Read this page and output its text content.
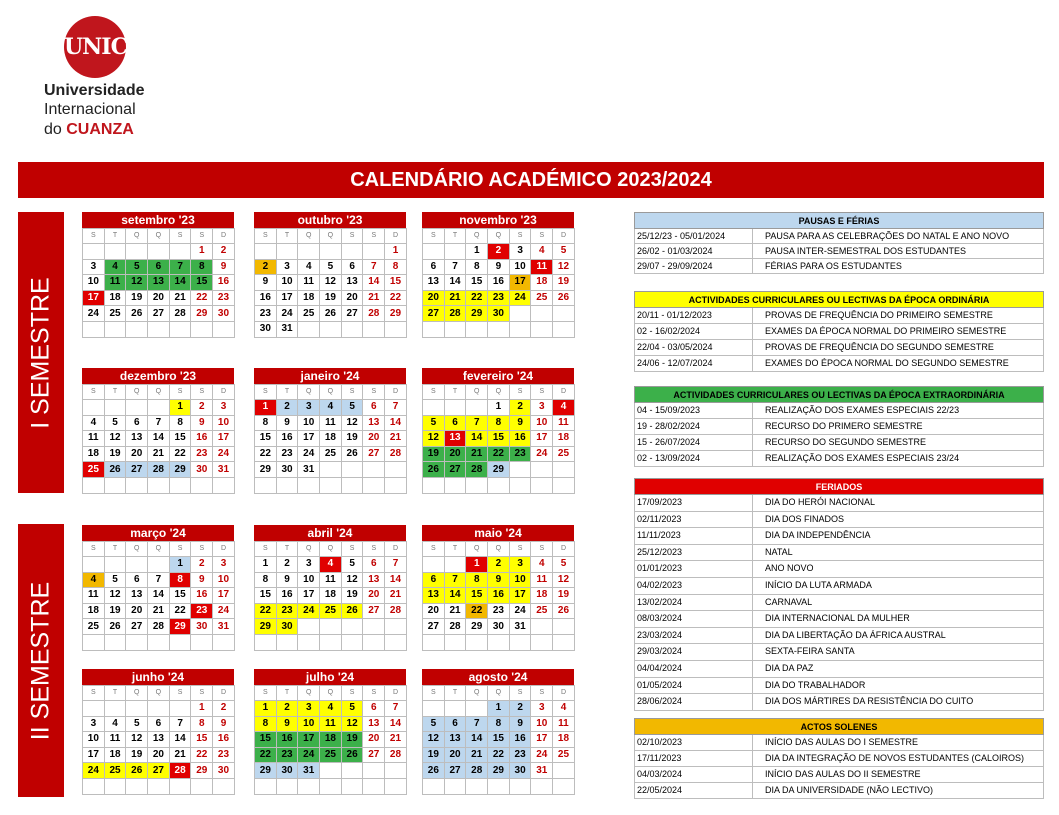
UNIC
Universidade
Internacional
do CUANZA
CALENDÁRIO ACADÉMICO 2023/2024
I SEMESTRE
II SEMESTRE
setembro '23
S	T	Q	Q	S	S	D
					1	2
3	4	5	6	7	8	9
10	11	12	13	14	15	16
17	18	19	20	21	22	23
24	25	26	27	28	29	30

outubro '23
S	T	Q	Q	S	S	D
						1
2	3	4	5	6	7	8
9	10	11	12	13	14	15
16	17	18	19	20	21	22
23	24	25	26	27	28	29
30	31					
novembro '23
S	T	Q	Q	S	S	D
		1	2	3	4	5
6	7	8	9	10	11	12
13	14	15	16	17	18	19
20	21	22	23	24	25	26
27	28	29	30			

dezembro '23
S	T	Q	Q	S	S	D
				1	2	3
4	5	6	7	8	9	10
11	12	13	14	15	16	17
18	19	20	21	22	23	24
25	26	27	28	29	30	31

janeiro '24
S	T	Q	Q	S	S	D
1	2	3	4	5	6	7
8	9	10	11	12	13	14
15	16	17	18	19	20	21
22	23	24	25	26	27	28
29	30	31				

fevereiro '24
S	T	Q	Q	S	S	D
			1	2	3	4
5	6	7	8	9	10	11
12	13	14	15	16	17	18
19	20	21	22	23	24	25
26	27	28	29			

março '24
S	T	Q	Q	S	S	D
				1	2	3
4	5	6	7	8	9	10
11	12	13	14	15	16	17
18	19	20	21	22	23	24
25	26	27	28	29	30	31

abril '24
S	T	Q	Q	S	S	D
1	2	3	4	5	6	7
8	9	10	11	12	13	14
15	16	17	18	19	20	21
22	23	24	25	26	27	28
29	30					

maio '24
S	T	Q	Q	S	S	D
		1	2	3	4	5
6	7	8	9	10	11	12
13	14	15	16	17	18	19
20	21	22	23	24	25	26
27	28	29	30	31		

junho '24
S	T	Q	Q	S	S	D
					1	2
3	4	5	6	7	8	9
10	11	12	13	14	15	16
17	18	19	20	21	22	23
24	25	26	27	28	29	30

julho '24
S	T	Q	Q	S	S	D
1	2	3	4	5	6	7
8	9	10	11	12	13	14
15	16	17	18	19	20	21
22	23	24	25	26	27	28
29	30	31				

agosto '24
S	T	Q	Q	S	S	D
			1	2	3	4
5	6	7	8	9	10	11
12	13	14	15	16	17	18
19	20	21	22	23	24	25
26	27	28	29	30	31	

PAUSAS E FÉRIAS
25/12/23 - 05/01/2024	PAUSA PARA AS CELEBRAÇÕES DO NATAL E ANO NOVO
26/02 - 01/03/2024	PAUSA INTER-SEMESTRAL DOS ESTUDANTES
29/07 - 29/09/2024	FÉRIAS PARA OS ESTUDANTES
ACTIVIDADES CURRICULARES OU LECTIVAS DA ÉPOCA ORDINÁRIA
20/11 - 01/12/2023	PROVAS DE FREQUÊNCIA DO PRIMEIRO SEMESTRE
02 - 16/02/2024	EXAMES DA ÉPOCA NORMAL DO PRIMEIRO SEMESTRE
22/04 - 03/05/2024	PROVAS DE FREQUÊNCIA DO SEGUNDO SEMESTRE
24/06 - 12/07/2024	EXAMES DO ÉPOCA NORMAL DO SEGUNDO SEMESTRE
ACTIVIDADES CURRICULARES OU LECTIVAS DA ÉPOCA EXTRAORDINÁRIA
04 - 15/09/2023	REALIZAÇÃO DOS EXAMES ESPECIAIS 22/23
19 - 28/02/2024	RECURSO DO PRIMERO SEMESTRE
15 - 26/07/2024	RECURSO DO SEGUNDO SEMESTRE
02 - 13/09/2024	REALIZAÇÃO DOS EXAMES ESPECIAIS 23/24
FERIADOS
17/09/2023	DIA DO HERÓI NACIONAL
02/11/2023	DIA DOS FINADOS
11/11/2023	DIA DA INDEPENDÊNCIA
25/12/2023	NATAL
01/01/2023	ANO NOVO
04/02/2023	INÍCIO DA LUTA ARMADA
13/02/2024	CARNAVAL
08/03/2024	DIA INTERNACIONAL DA MULHER
23/03/2024	DIA DA LIBERTAÇÃO DA ÁFRICA AUSTRAL
29/03/2024	SEXTA-FEIRA SANTA
04/04/2024	DIA DA PAZ
01/05/2024	DIA DO TRABALHADOR
28/06/2024	DIA DOS MÁRTIRES DA RESISTÊNCIA DO CUITO
ACTOS SOLENES
02/10/2023	INÍCIO DAS AULAS DO I SEMESTRE
17/11/2023	DIA DA INTEGRAÇÃO DE NOVOS ESTUDANTES (CALOIROS)
04/03/2024	INÍCIO DAS AULAS DO II SEMESTRE
22/05/2024	DIA DA UNIVERSIDADE (NÃO LECTIVO)
